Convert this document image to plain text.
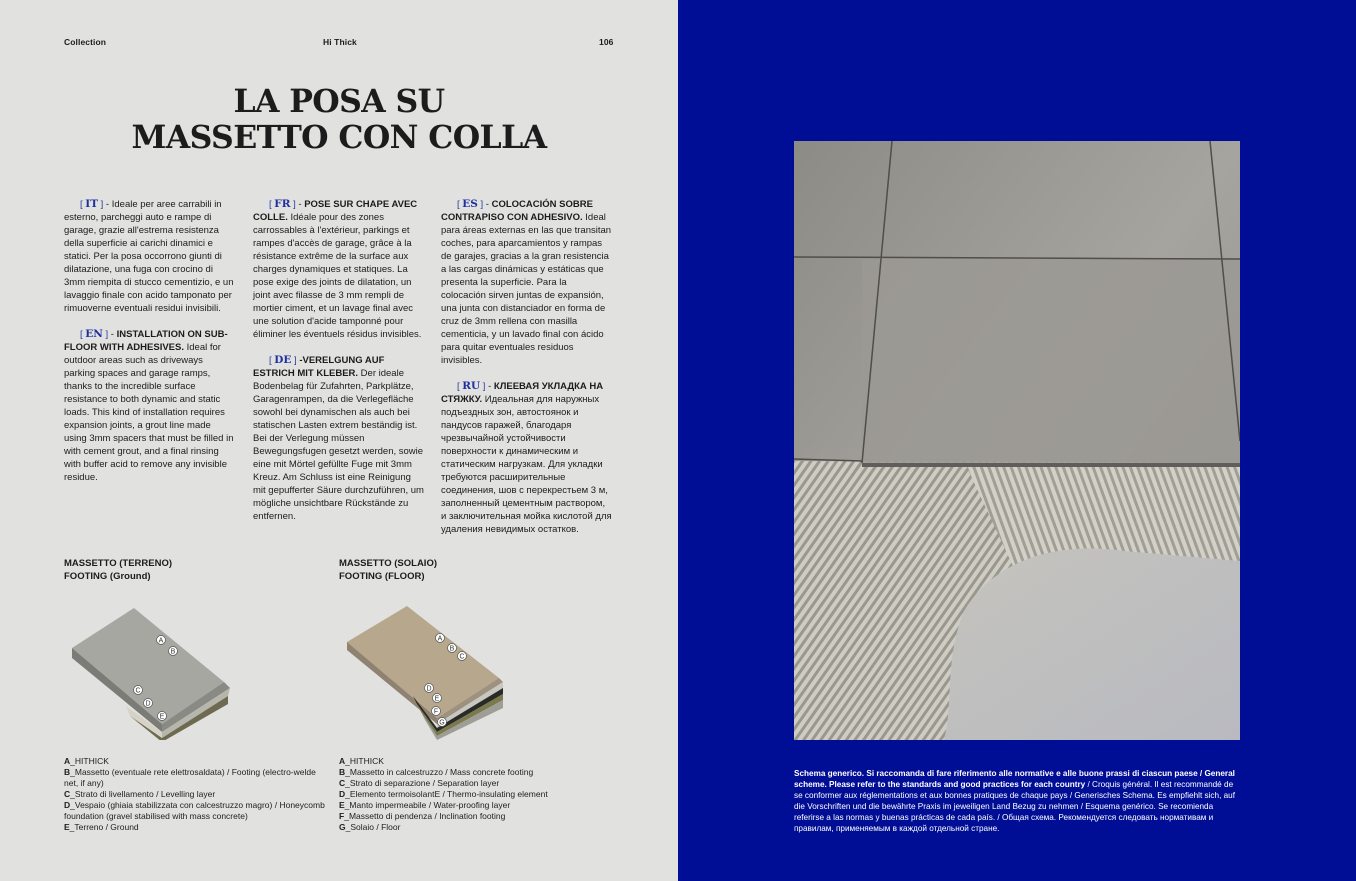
Collection	Hi Thick	106
LA POSA SU
MASSETTO CON COLLA

[ IT ] - Ideale per aree carrabili in esterno, parcheggi auto e rampe di garage, grazie all'estrema resistenza della superficie ai carichi dinamici e statici. Per la posa occorrono giunti di dilatazione, una fuga con crocino di 3mm riempita di stucco cementizio, e un lavaggio finale con acido tamponato per rimuoverne eventuali residui invisibili.

[ EN ] - INSTALLATION ON SUB-FLOOR WITH ADHESIVES. Ideal for outdoor areas such as driveways parking spaces and garage ramps, thanks to the incredible surface resistance to both dynamic and static loads. This kind of installation requires expansion joints, a grout line made using 3mm spacers that must be filled in with cement grout, and a final rinsing with buffer acid to remove any invisible residue.

[ FR ] - POSE SUR CHAPE AVEC COLLE. Idéale pour des zones carrossables à l'extérieur, parkings et rampes d'accès de garage, grâce à la résistance extrême de la surface aux charges dynamiques et statiques. La pose exige des joints de dilatation, un joint avec filasse de 3 mm rempli de mortier ciment, et un lavage final avec une solution d'acide tamponné pour éliminer les éventuels résidus invisibles.

[ DE ] -VERELGUNG AUF ESTRICH MIT KLEBER. Der ideale Bodenbelag für Zufahrten, Parkplätze, Garagenrampen, da die Verlegefläche sowohl bei dynamischen als auch bei statischen Lasten extrem beständig ist. Bei der Verlegung müssen Bewegungsfugen gesetzt werden, sowie eine mit Mörtel gefüllte Fuge mit 3mm Kreuz. Am Schluss ist eine Reinigung mit gepufferter Säure durchzuführen, um mögliche unsichtbare Rückstände zu entfernen.

[ ES ] - COLOCACIÓN SOBRE CONTRAPISO CON ADHESIVO. Ideal para áreas externas en las que transitan coches, para aparcamientos y rampas de garajes, gracias a la gran resistencia a las cargas dinámicas y estáticas que presenta la superficie. Para la colocación sirven juntas de expansión, una junta con distanciador en forma de cruz de 3mm rellena con masilla cementicia, y un lavado final con ácido para quitar eventuales residuos invisibles.

[ RU ] - КЛЕЕВАЯ УКЛАДКА НА СТЯЖКУ. Идеальная для наружных подъездных зон, автостоянок и пандусов гаражей, благодаря чрезвычайной устойчивости поверхности к динамическим и статическим нагрузкам. Для укладки требуются расширительные соединения, шов с перекрестьем 3 м, заполненный цементным раствором, и заключительная мойка кислотой для удаления невидимых остатков.

MASSETTO (TERRENO)
FOOTING (Ground)
MASSETTO (SOLAIO)
FOOTING (FLOOR)
A
B
C
D
E
A
B
C
D
E
F
G
A_HITHICK
B_Massetto (eventuale rete elettrosaldata) / Footing (electro-welde net, if any)
C_Strato di livellamento / Levelling layer
D_Vespaio (ghiaia stabilizzata con calcestruzzo magro) / Honeycomb foundation (gravel stabilised with mass concrete)
E_Terreno / Ground
A_HITHICK
B_Massetto in calcestruzzo / Mass concrete footing
C_Strato di separazione / Separation layer
D_Elemento termoisolantE / Thermo-insulating element
E_Manto impermeabile / Water-proofing layer
F_Massetto di pendenza / Inclination footing
G_Solaio / Floor
Schema generico. Si raccomanda di fare riferimento alle normative e alle buone prassi di ciascun paese / General scheme. Please refer to the standards and good practices for each country / Croquis général. Il est recommandé de se conformer aux réglementations et aux bonnes pratiques de chaque pays / Generisches Schema. Es empfiehlt sich, auf die Vorschriften und die bewährte Praxis im jeweiligen Land Bezug zu nehmen / Esquema genérico. Se recomienda referirse a las normas y buenas prácticas de cada país. / Общая схема. Рекомендуется следовать нормативам и правилам, применяемым в каждой отдельной стране.
